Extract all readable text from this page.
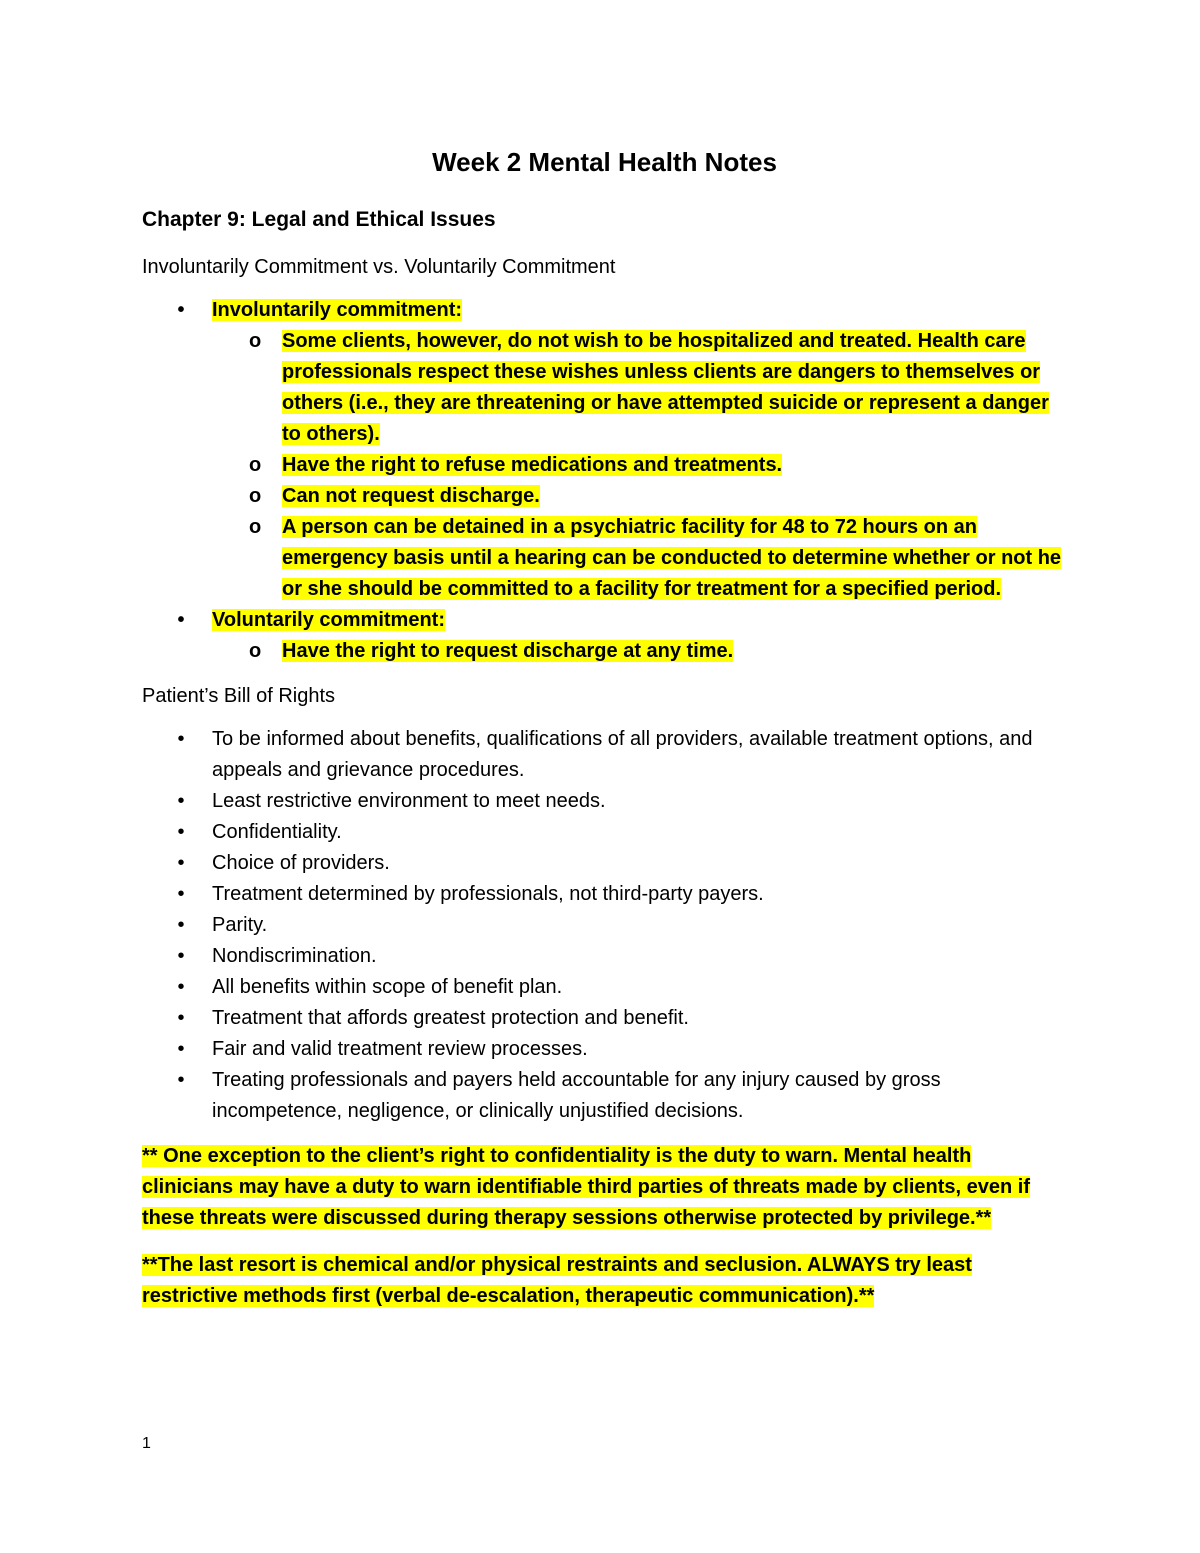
Week 2 Mental Health Notes
Chapter 9: Legal and Ethical Issues
Involuntarily Commitment vs. Voluntarily Commitment
• Involuntarily commitment:
o Some clients, however, do not wish to be hospitalized and treated. Health care professionals respect these wishes unless clients are dangers to themselves or others (i.e., they are threatening or have attempted suicide or represent a danger to others).
o Have the right to refuse medications and treatments.
o Can not request discharge.
o A person can be detained in a psychiatric facility for 48 to 72 hours on an emergency basis until a hearing can be conducted to determine whether or not he or she should be committed to a facility for treatment for a specified period.
• Voluntarily commitment:
o Have the right to request discharge at any time.
Patient’s Bill of Rights
• To be informed about benefits, qualifications of all providers, available treatment options, and appeals and grievance procedures.
• Least restrictive environment to meet needs.
• Confidentiality.
• Choice of providers.
• Treatment determined by professionals, not third-party payers.
• Parity.
• Nondiscrimination.
• All benefits within scope of benefit plan.
• Treatment that affords greatest protection and benefit.
• Fair and valid treatment review processes.
• Treating professionals and payers held accountable for any injury caused by gross incompetence, negligence, or clinically unjustified decisions.
** One exception to the client’s right to confidentiality is the duty to warn. Mental health clinicians may have a duty to warn identifiable third parties of threats made by clients, even if these threats were discussed during therapy sessions otherwise protected by privilege.**
**The last resort is chemical and/or physical restraints and seclusion. ALWAYS try least restrictive methods first (verbal de-escalation, therapeutic communication).**
1
